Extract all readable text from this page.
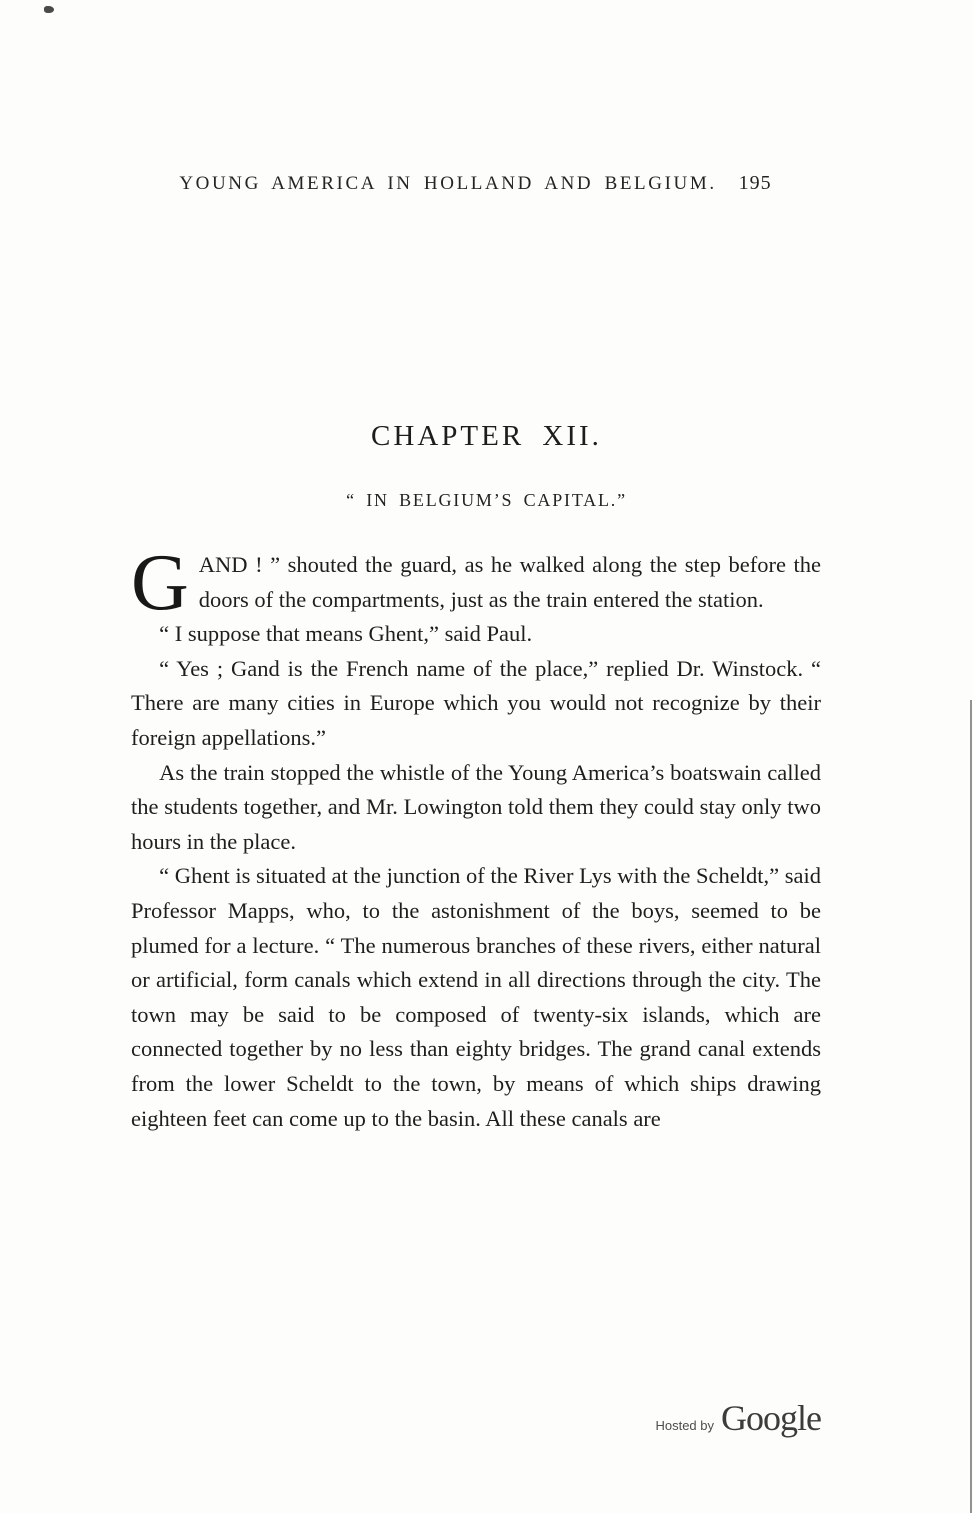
YOUNG AMERICA IN HOLLAND AND BELGIUM. 195
CHAPTER XII.
“ IN BELGIUM’S CAPITAL.”

G AND ! ” shouted the guard, as he walked along the step before the doors of the compartments, just as the train entered the station.

“ I suppose that means Ghent,” said Paul.

“ Yes ; Gand is the French name of the place,” replied Dr. Winstock. “ There are many cities in Europe which you would not recognize by their foreign appellations.”

As the train stopped the whistle of the Young America’s boatswain called the students together, and Mr. Lowington told them they could stay only two hours in the place.

“ Ghent is situated at the junction of the River Lys with the Scheldt,” said Professor Mapps, who, to the astonishment of the boys, seemed to be plumed for a lecture. “ The numerous branches of these rivers, either natural or artificial, form canals which extend in all directions through the city. The town may be said to be composed of twenty-six islands, which are connected together by no less than eighty bridges. The grand canal extends from the lower Scheldt to the town, by means of which ships drawing eighteen feet can come up to the basin. All these canals are

Hosted by Google
